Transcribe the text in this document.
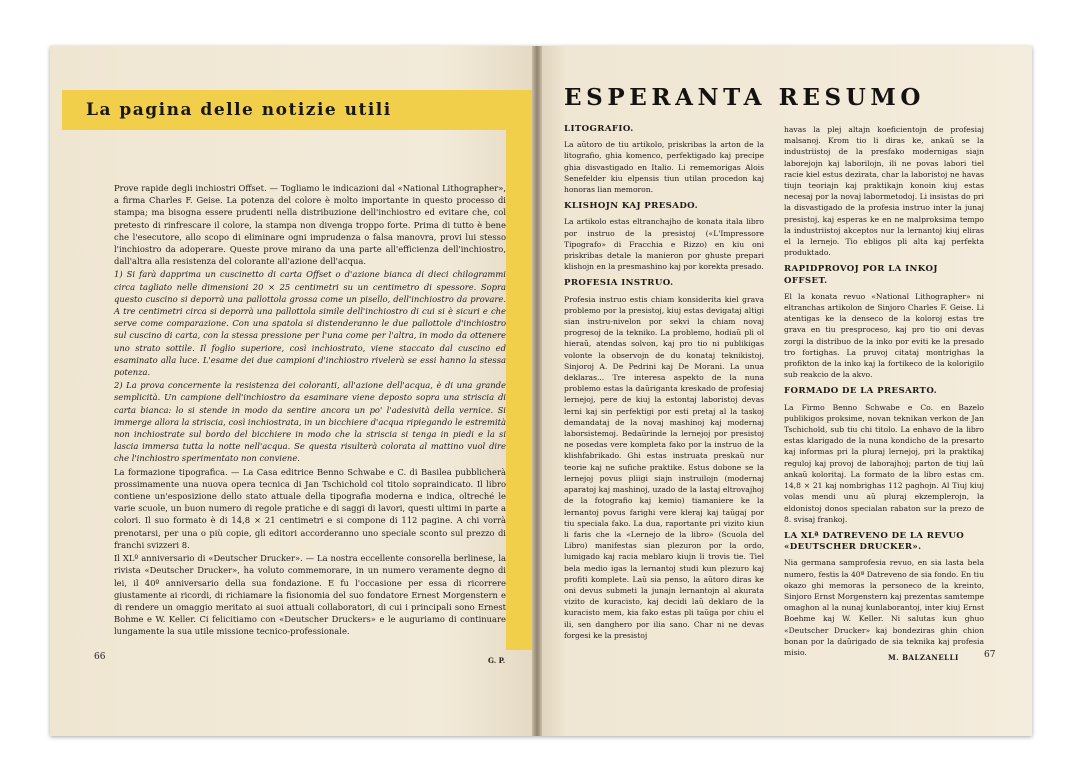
La pagina delle notizie utili

Prove rapide degli inchiostri Offset. — Togliamo le indicazioni dal «National Lithographer», a firma Charles F. Geise. La potenza del colore è molto importante in questo processo di stampa; ma bisogna essere prudenti nella distribuzione dell'inchiostro ed evitare che, col pretesto di rinfrescare il colore, la stampa non divenga troppo forte. Prima di tutto è bene che l'esecutore, allo scopo di eliminare ogni imprudenza o falsa manovra, provi lui stesso l'inchiostro da adoperare. Queste prove mirano da una parte all'efficienza dell'inchiostro, dall'altra alla resistenza del colorante all'azione dell'acqua.

1) Si farà dapprima un cuscinetto di carta Offset o d'azione bianca di dieci chilogrammi circa tagliato nelle dimensioni 20 × 25 centimetri su un centimetro di spessore. Sopra questo cuscino si deporrà una pallottola grossa come un pisello, dell'inchiostro da provare. A tre centimetri circa si deporrà una pallottola simile dell'inchiostro di cui si è sicuri e che serve come comparazione. Con una spatola si distenderanno le due pallottole d'inchiostro sul cuscino di carta, con la stessa pressione per l'una come per l'altra, in modo da ottenere uno strato sottile. Il foglio superiore, così inchiostrato, viene staccato dal cuscino ed esaminato alla luce. L'esame dei due campioni d'inchiostro rivelerà se essi hanno la stessa potenza.

2) La prova concernente la resistenza dei coloranti, all'azione dell'acqua, è di una grande semplicità. Un campione dell'inchiostro da esaminare viene deposto sopra una striscia di carta bianca: lo si stende in modo da sentire ancora un po' l'adesività della vernice. Si immerge allora la striscia, così inchiostrata, in un bicchiere d'acqua ripiegando le estremità non inchiostrate sul bordo del bicchiere in modo che la striscia si tenga in piedi e la si lascia immersa tutta la notte nell'acqua. Se questa risulterà colorata al mattino vuol dire che l'inchiostro sperimentato non conviene.

La formazione tipografica. — La Casa editrice Benno Schwabe e C. di Basilea pubblicherà prossimamente una nuova opera tecnica di Jan Tschichold col titolo sopraindicato. Il libro contiene un'esposizione dello stato attuale della tipografia moderna e indica, oltreché le varie scuole, un buon numero di regole pratiche e di saggi di lavori, questi ultimi in parte a colori. Il suo formato è di 14,8 × 21 centimetri e si compone di 112 pagine. A chi vorrà prenotarsi, per una o più copie, gli editori accorderanno uno speciale sconto sul prezzo di franchi svizzeri 8.

Il XLº anniversario di «Deutscher Drucker». — La nostra eccellente consorella berlinese, la rivista «Deutscher Drucker», ha voluto commemorare, in un numero veramente degno di lei, il 40º anniversario della sua fondazione. E fu l'occasione per essa di ricorrere giustamente ai ricordi, di richiamare la fisionomia del suo fondatore Ernest Morgenstern e di rendere un omaggio meritato ai suoi attuali collaboratori, di cui i principali sono Ernest Bohme e W. Keller. Ci felicitiamo con «Deutscher Druckers» e le auguriamo di continuare lungamente la sua utile missione tecnico-professionale.

66	G. P.
ESPERANTA RESUMO
LITOGRAFIO.

La aŭtoro de tiu artikolo, priskribas la arton de la litografio, ghia komenco, perfektigado kaj precipe ghia disvastigado en Italio. Li rememorigas Alois Senefelder kiu elpensis tiun utilan procedon kaj honoras lian memoron.

KLISHOJN KAJ PRESADO.

La artikolo estas eltranchajho de konata itala libro por instruo de la presistoj («L'Impressore Tipografo» di Fracchia e Rizzo) en kiu oni priskribas detale la manieron por ghuste prepari klishojn en la presmashino kaj por korekta presado.

PROFESIA INSTRUO.

Profesia instruo estis chiam konsiderita kiel grava problemo por la presistoj, kiuj estas devigataj altigi sian instru-nivelon por sekvi la chiam novaj progresoj de la tekniko. La problemo, hodiaŭ pli ol hieraŭ, atendas solvon, kaj pro tio ni publikigas volonte la observojn de du konataj teknikistoj, Sinjoroj A. De Pedrini kaj De Morani. La unua deklaras... Tre interesa aspekto de la nuna problemo estas la daŭriganta kreskado de profesiaj lernejoj, pere de kiuj la estontaj laboristoj devas lerni kaj sin perfektigi por esti pretaj al la taskoj demandataj de la novaj mashinoj kaj modernaj laborsistemoj. Bedaŭrinde la lernejoj por presistoj ne posedas vere kompleta fako por la instruo de la klishfabrikado. Ghi estas instruata preskaŭ nur teorie kaj ne sufiche praktike. Estus dobone se la lernejoj povus pliigi siajn instruilojn (modernaj aparatoj kaj mashinoj, uzado de la lastaj eltrovajhoj de la fotografio kaj kemio) tiamaniere ke la lernantoj povus farighi vere kleraj kaj taŭgaj por tiu speciala fako. La dua, raportante pri vizito kiun li faris che la «Lernejo de la libro» (Scuola del Libro) manifestas sian plezuron por la ordo, lumigado kaj racia meblaro kiujn li trovis tie. Tiel bela medio igas la lernantoj studi kun plezuro kaj profiti komplete. Laŭ sia penso, la aŭtoro diras ke oni devus submeti la junajn lernantojn al akurata vizito de kuracisto, kaj decidi laŭ deklaro de la kuracisto mem, kia fako estas pli taŭga por chiu el ili, sen danghero por ilia sano. Char ni ne devas forgesi ke la presistoj

havas la plej altajn koeficientojn de profesiaj malsanoj. Krom tio li diras ke, ankaŭ se la industriistoj de la presfako modernigas siajn laborejojn kaj laborilojn, ili ne povas labori tiel racie kiel estus dezirata, char la laboristoj ne havas tiujn teoriajn kaj praktikajn konoin kiuj estas necesaj por la novaj labormetodoj. Li insistas do pri la disvastigado de la profesia instruo inter la junaj presistoj, kaj esperas ke en ne malproksima tempo la industriistoj akceptos nur la lernantoj kiuj eliras el la lernejo. Tio ebligos pli alta kaj perfekta produktado.

RAPIDPROVOJ POR LA INKOJ OFFSET.

El la konata revuo «National Lithographer» ni eltranchas artikolon de Sinjoro Charles F. Geise. Li atentigas ke la denseco de la koloroj estas tre grava en tiu presproceso, kaj pro tio oni devas zorgi la distribuo de la inko por eviti ke la presado tro fortighas. La pruvoj citataj montrighas la profikton de la inko kaj la fortikeco de la kolorigilo sub reakcio de la akvo.

FORMADO DE LA PRESARTO.

La Firmo Benno Schwabe e Co. en Bazelo publikigos proksime, novan teknikan verkon de Jan Tschichold, sub tiu chi titolo. La enhavo de la libro estas klarigado de la nuna kondicho de la presarto kaj informas pri la pluraj lernejoj, pri la praktikaj reguloj kaj provoj de laborajhoj; parton de tiuj laŭ ankaŭ koloritaj. La formato de la libro estas cm. 14,8 × 21 kaj nombrighas 112 paghojn. Al Tiuj kiuj volas mendi unu aŭ pluraj ekzemplerojn, la eldonistoj donos specialan rabaton sur la prezo de 8. svisaj frankoj.

LA XLª DATREVENO DE LA REVUO «DEUTSCHER DRUCKER».

Nia germana samprofesia revuo, en sia lasta bela numero, festis la 40ª Datreveno de sia fondo. En tiu okazo ghi memoras la personeco de la kreinto, Sinjoro Ernst Morgenstern kaj prezentas samtempe omaghon al la nunaj kunlaborantoj, inter kiuj Ernst Boehme kaj W. Keller. Ni salutas kun ghuo «Deutscher Drucker» kaj bondeziras ghin chion bonan por la daŭrigado de sia teknika kaj profesia misio.

M. BALZANELLI	67
